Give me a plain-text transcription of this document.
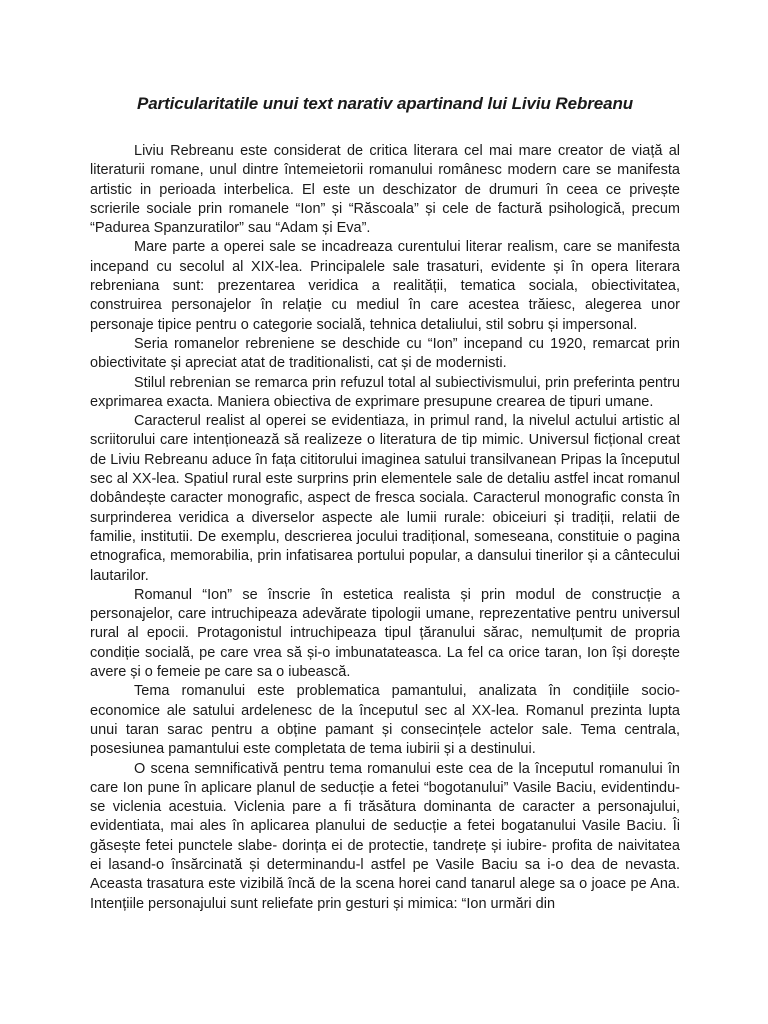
Particularitatile unui text narativ apartinand lui Liviu Rebreanu

Liviu Rebreanu este considerat de critica literara cel mai mare creator de viață al literaturii romane, unul dintre întemeietorii romanului românesc modern care se manifesta artistic in perioada interbelica. El este un deschizator de drumuri în ceea ce privește scrierile sociale prin romanele “Ion” și “Răscoala” și cele de factură psihologică, precum “Padurea Spanzuratilor” sau “Adam și Eva”.

Mare parte a operei sale se incadreaza curentului literar realism, care se manifesta incepand cu secolul al XIX-lea. Principalele sale trasaturi, evidente și în opera literara rebreniana sunt: prezentarea veridica a realității, tematica sociala, obiectivitatea, construirea personajelor în relație cu mediul în care acestea trăiesc, alegerea unor personaje tipice pentru o categorie socială, tehnica detaliului, stil sobru și impersonal.

Seria romanelor rebreniene se deschide cu “Ion” incepand cu 1920, remarcat prin obiectivitate și apreciat atat de traditionalisti, cat și de modernisti.

Stilul rebrenian se remarca prin refuzul total al subiectivismului, prin preferinta pentru exprimarea exacta. Maniera obiectiva de exprimare presupune crearea de tipuri umane.

Caracterul realist al operei se evidentiaza, in primul rand, la nivelul actului artistic al scriitorului care intenționează să realizeze o literatura de tip mimic. Universul ficțional creat de Liviu Rebreanu aduce în fața cititorului imaginea satului transilvanean Pripas la începutul sec al XX-lea. Spatiul rural este surprins prin elementele sale de detaliu astfel incat romanul dobândește caracter monografic, aspect de fresca sociala. Caracterul monografic consta în surprinderea veridica a diverselor aspecte ale lumii rurale: obiceiuri și tradiții, relatii de familie, institutii. De exemplu, descrierea jocului tradițional, someseana, constituie o pagina etnografica, memorabilia, prin infatisarea portului popular, a dansului tinerilor și a cântecului lautarilor.

Romanul “Ion” se înscrie în estetica realista și prin modul de construcție a personajelor, care intruchipeaza adevărate tipologii umane, reprezentative pentru universul rural al epocii. Protagonistul intruchipeaza tipul țăranului sărac, nemulțumit de propria condiție socială, pe care vrea să și-o imbunatateasca. La fel ca orice taran, Ion își dorește avere și o femeie pe care sa o iubească.

Tema romanului este problematica pamantului, analizata în condițiile socio-economice ale satului ardelenesc de la începutul sec al XX-lea. Romanul prezinta lupta unui taran sarac pentru a obține pamant și consecințele actelor sale. Tema centrala, posesiunea pamantului este completata de tema iubirii și a destinului.

O scena semnificativă pentru tema romanului este cea de la începutul romanului în care Ion pune în aplicare planul de seducție a fetei “bogotanului” Vasile Baciu, evidentindu-se viclenia acestuia. Viclenia pare a fi trăsătura dominanta de caracter a personajului, evidentiata, mai ales în aplicarea planului de seducție a fetei bogatanului Vasile Baciu. Îi găsește fetei punctele slabe- dorința ei de protectie, tandrețe și iubire- profita de naivitatea ei lasand-o însărcinată și determinandu-l astfel pe Vasile Baciu sa i-o dea de nevasta. Aceasta trasatura este vizibilă încă de la scena horei cand tanarul alege sa o joace pe Ana. Intențiile personajului sunt reliefate prin gesturi și mimica: “Ion urmări din
